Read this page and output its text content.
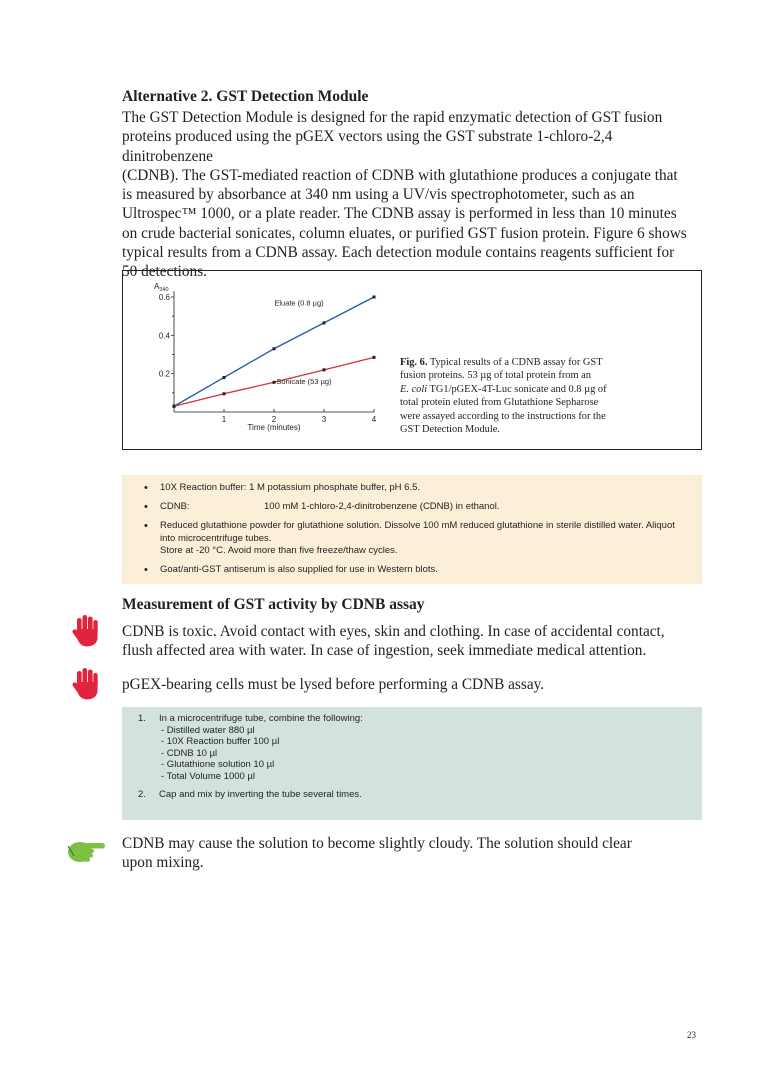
Alternative 2. GST Detection Module
The GST Detection Module is designed for the rapid enzymatic detection of GST fusion
proteins produced using the pGEX vectors using the GST substrate 1-chloro-2,4 dinitrobenzene
(CDNB). The GST-mediated reaction of CDNB with glutathione produces a conjugate that
is measured by absorbance at 340 nm using a UV/vis spectrophotometer, such as an
Ultrospec™ 1000, or a plate reader. The CDNB assay is performed in less than 10 minutes
on crude bacterial sonicates, column eluates, or purified GST fusion protein. Figure 6 shows
typical results from a CDNB assay. Each detection module contains reagents sufficient for
50 detections.
0.2
0.4
0.6
1	2	3	4
$A_{340}$
Time (minutes)
Eluate (0.8 µg)
Sonicate (53 µg)
Fig. 6. Typical results of a CDNB assay for GST
fusion proteins. 53 µg of total protein from an
E. coli TG1/pGEX-4T-Luc sonicate and 0.8 µg of
total protein eluted from Glutathione Sepharose
were assayed according to the instructions for the
GST Detection Module.
• 10X Reaction buffer: 1 M potassium phosphate buffer, pH 6.5.
• CDNB:	100 mM 1-chloro-2,4-dinitrobenzene (CDNB) in ethanol.
• Reduced glutathione powder for glutathione solution. Dissolve 100 mM reduced glutathione in sterile distilled water. Aliquot into microcentrifuge tubes.
Store at -20 °C. Avoid more than five freeze/thaw cycles.
• Goat/anti-GST antiserum is also supplied for use in Western blots.
Measurement of GST activity by CDNB assay
CDNB is toxic. Avoid contact with eyes, skin and clothing. In case of accidental contact,
flush affected area with water. In case of ingestion, seek immediate medical attention.
pGEX-bearing cells must be lysed before performing a CDNB assay.
1. In a microcentrifuge tube, combine the following:
- Distilled water 880 µl
- 10X Reaction buffer 100 µl
- CDNB 10 µl
- Glutathione solution 10 µl
- Total Volume 1000 µl
2. Cap and mix by inverting the tube several times.
CDNB may cause the solution to become slightly cloudy. The solution should clear
upon mixing.
23
